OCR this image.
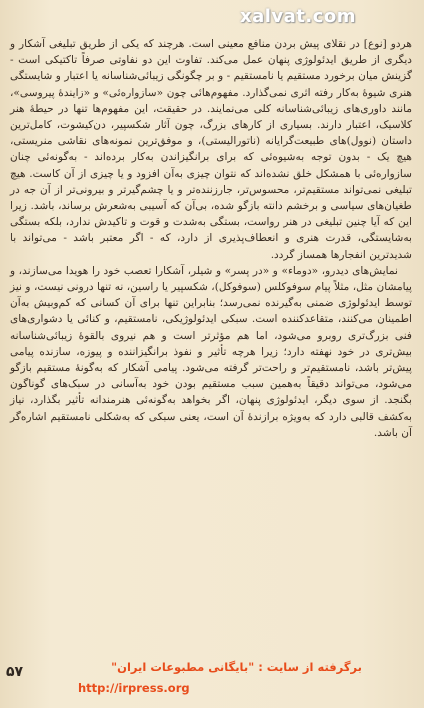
xalvat.com

هردو [نوع] در نقلای پیش بردن منافع معینی است. هرچند که یکی از طریق تبلیغی آشکار و دیگری از طریق ایدئولوژی پنهان عمل می‌کند. تفاوت این دو نفاوتی صرفاً تاکتیکی است - گزینش میان برخورد مستقیم یا نامستقیم - و بر چگونگی زیبائی‌شناسانه یا اعتبار و شایستگی هنری شیوهٔ به‌کار رفته اثری نمی‌گذارد. مفهوم‌هائی چون «سازواره‌ئی» و «زایندهٔ پیروسی»، مانند داوری‌های زیبائی‌شناسانه کلی می‌نمایند. در حقیقت، این مفهوم‌ها تنها در حیطهٔ هنر کلاسیک، اعتبار دارند. بسیاری از کارهای بزرگ، چون آثار شکسپیر، دن‌کیشوت، کامل‌ترین داستان (نوول)های طبیعت‌گرایانه (ناتورالیستی)، و موفق‌ترین نمونه‌های نقاشی منریستی، هیچ یک - بدون توجه به‌شیوه‌ئی که برای برانگیزاندن به‌کار برده‌اند - به‌گونه‌ئی چنان سازواره‌ئی با همشکل خلق نشده‌اند که نتوان چیزی به‌آن افزود و یا چیزی از آن کاست. هیچ تبلیغی نمی‌تواند مستقیم‌تر، محسوس‌تر، جارزننده‌تر و یا چشم‌گیرتر و بیرونی‌تر از آن جه در طغیان‌های سیاسی و برخشم دانته بازگو شده، بی‌آن که آسیبی به‌شعرش برساند، باشد. زیرا این که آیا چنین تبلیغی در هنر رواست، بستگی به‌شدت و قوت و تاکیدش ندارد، بلکه بستگی به‌شایستگی، قدرت هنری و انعطاف‌پذیری از دارد، که - اگر معتبر باشد - می‌تواند با شدیدترین انفجارها همساز گردد.

نمایش‌های دیدرو، «دوماء» و «در پسر» و شیلر، آشکارا تعصب خود را هویدا می‌سازند، و پیامشان مثل، مثلاً پیام سوفوکلس (سوفوکل)، شکسپیر یا راسین، نه تنها درونی نیست، و نیز توسط ایدئولوژی ضمنی به‌گیرنده نمی‌رسد؛ بنابراین تنها برای آن کسانی که کم‌وبیش به‌آن اطمینان می‌کنند، متقاعدکننده است. سبکی ایدئولوژیکی، نامستقیم، و کنائی یا دشواری‌های فنی بزرگ‌تری روبرو می‌شود، اما هم مؤثرتر است و هم نیروی بالقوهٔ زیبائی‌شناسانه بیش‌تری در خود نهفته دارد؛ زیرا هرچه تأثیر و نفوذ برانگیزاننده و پیوزه، سازنده پیامی پیش‌تر باشد، نامستقیم‌تر و راحت‌تر گرفته می‌شود. پیامی آشکار که به‌گونهٔ مستقیم بازگو می‌شود، می‌تواند دقیقاً به‌همین سبب مستقیم بودن خود به‌آسانی در سبک‌های گوناگون بگنجد. از سوی دیگر، ایدئولوژی پنهان، اگر بخواهد به‌گونه‌ئی هنرمندانه تأثیر بگذارد، نیاز به‌کشف قالبی دارد که به‌ویژه برازندهٔ آن است، یعنی سبکی که به‌شکلی نامستقیم اشاره‌گر آن باشد.

۵۷	برگرفته از سایت : "بایگانی مطبوعات ایران"
http://irpress.org
